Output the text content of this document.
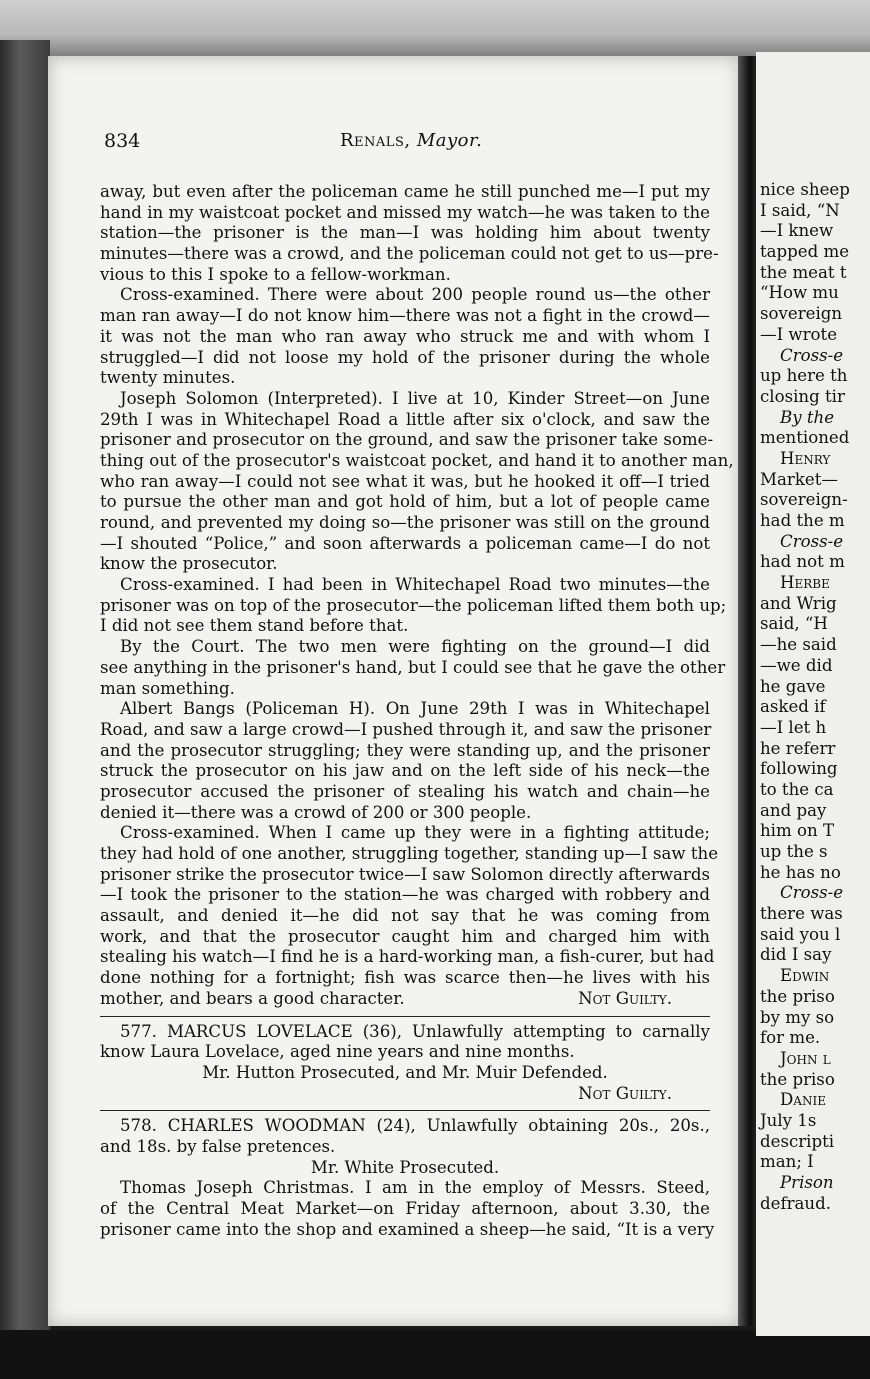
834	Renals, Mayor.
away, but even after the policeman came he still punched me—I put my
hand in my waistcoat pocket and missed my watch—he was taken to the
station—the prisoner is the man—I was holding him about twenty
minutes—there was a crowd, and the policeman could not get to us—pre-
vious to this I spoke to a fellow-workman.
Cross-examined. There were about 200 people round us—the other
man ran away—I do not know him—there was not a fight in the crowd—
it was not the man who ran away who struck me and with whom I
struggled—I did not loose my hold of the prisoner during the whole
twenty minutes.
Joseph Solomon (Interpreted). I live at 10, Kinder Street—on June
29th I was in Whitechapel Road a little after six o'clock, and saw the
prisoner and prosecutor on the ground, and saw the prisoner take some-
thing out of the prosecutor's waistcoat pocket, and hand it to another man,
who ran away—I could not see what it was, but he hooked it off—I tried
to pursue the other man and got hold of him, but a lot of people came
round, and prevented my doing so—the prisoner was still on the ground
—I shouted “Police,” and soon afterwards a policeman came—I do not
know the prosecutor.
Cross-examined. I had been in Whitechapel Road two minutes—the
prisoner was on top of the prosecutor—the policeman lifted them both up;
I did not see them stand before that.
By the Court. The two men were fighting on the ground—I did
see anything in the prisoner's hand, but I could see that he gave the other
man something.
Albert Bangs (Policeman H). On June 29th I was in Whitechapel
Road, and saw a large crowd—I pushed through it, and saw the prisoner
and the prosecutor struggling; they were standing up, and the prisoner
struck the prosecutor on his jaw and on the left side of his neck—the
prosecutor accused the prisoner of stealing his watch and chain—he
denied it—there was a crowd of 200 or 300 people.
Cross-examined. When I came up they were in a fighting attitude;
they had hold of one another, struggling together, standing up—I saw the
prisoner strike the prosecutor twice—I saw Solomon directly afterwards
—I took the prisoner to the station—he was charged with robbery and
assault, and denied it—he did not say that he was coming from
work, and that the prosecutor caught him and charged him with
stealing his watch—I find he is a hard-working man, a fish-curer, but had
done nothing for a fortnight; fish was scarce then—he lives with his
mother, and bears a good character.	Not Guilty.
577. MARCUS LOVELACE (36), Unlawfully attempting to carnally
know Laura Lovelace, aged nine years and nine months.
Mr. Hutton Prosecuted, and Mr. Muir Defended.
Not Guilty.
578. CHARLES WOODMAN (24), Unlawfully obtaining 20s., 20s.,
and 18s. by false pretences.
Mr. White Prosecuted.
Thomas Joseph Christmas. I am in the employ of Messrs. Steed,
of the Central Meat Market—on Friday afternoon, about 3.30, the
prisoner came into the shop and examined a sheep—he said, “It is a very
nice sheep
I said, “N
—I knew
tapped me
the meat t
“How mu
sovereign
—I wrote
Cross-e
up here th
closing tir
By the
mentioned
Henry
Market—
sovereign-
had the m
Cross-e
had not m
Herbe
and Wrig
said, “H
—he said
—we did
he gave
asked if
—I let h
he referr
following
to the ca
and pay
him on T
up the s
he has no
Cross-e
there was
said you l
did I say
Edwin
the priso
by my so
for me.
John l
the priso
Danie
July 1s
descripti
man; I
Prison
defraud.
